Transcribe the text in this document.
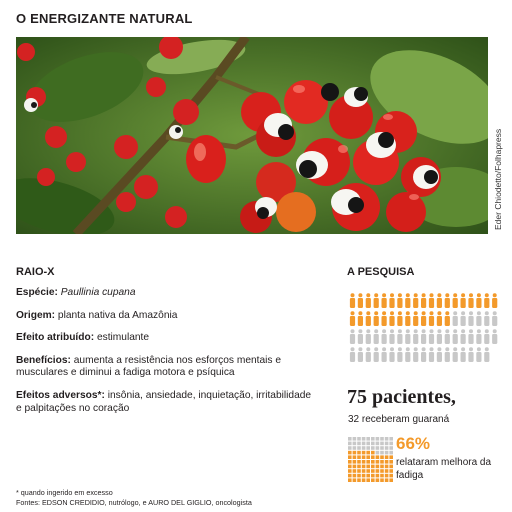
O ENERGIZANTE NATURAL
Eder Chiodetto/Folhapress
RAIO-X
Espécie: Paullinia cupana
Origem: planta nativa da Amazônia
Efeito atribuído: estimulante
Benefícios: aumenta a resistência nos esforços mentais e musculares e diminui a fadiga motora e psíquica
Efeitos adversos*: insônia, ansiedade, inquietação, irritabilidade e palpitações no coração
* quando ingerido em excesso
Fontes: EDSON CREDIDIO, nutrólogo, e AURO DEL GIGLIO, oncologista
A PESQUISA
75 pacientes,
32 receberam guaraná
66%
relataram melhora da fadiga
